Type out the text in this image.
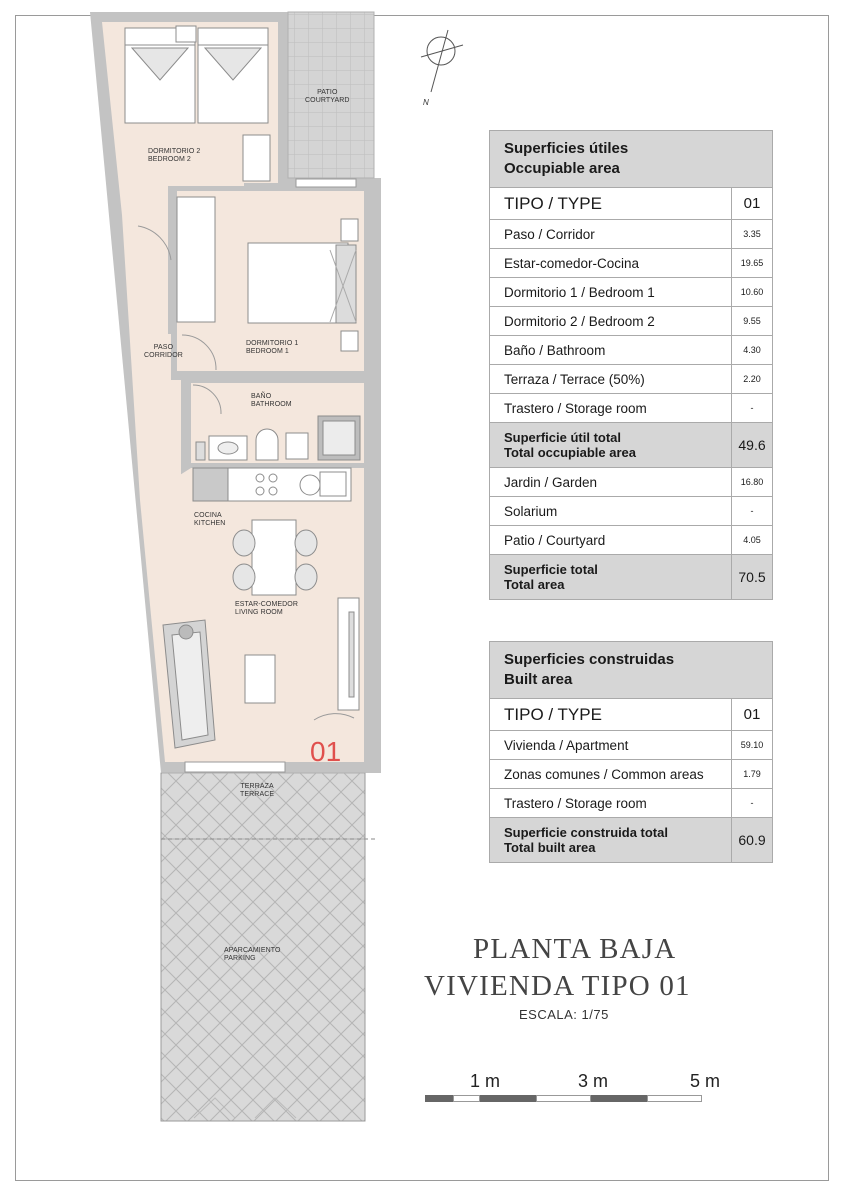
DORMITORIO 2
BEDROOM 2
PATIO
COURTYARD
PASO
CORRIDOR
DORMITORIO 1
BEDROOM 1
BAÑO
BATHROOM
COCINA
KITCHEN
ESTAR-COMEDOR
LIVING ROOM
TERRAZA
TERRACE
APARCAMIENTO
PARKING
01
N
Superficies útiles
Occupiable area	

TIPO / TYPE	01
Paso / Corridor	3.35
Estar-comedor-Cocina	19.65
Dormitorio 1 / Bedroom 1	10.60
Dormitorio 2 / Bedroom 2	9.55
Baño / Bathroom	4.30
Terraza / Terrace (50%)	2.20
Trastero / Storage room	-

Superficie útil total
Total occupiable area	49.6
Jardin / Garden	16.80
Solarium	-
Patio / Courtyard	4.05

Superficie total
Total area	70.5
Superficies construidas
Built area	

TIPO / TYPE	01
Vivienda / Apartment	59.10
Zonas comunes / Common areas	1.79
Trastero / Storage room	-

Superficie construida total
Total built area	60.9
PLANTA BAJA
VIVIENDA TIPO 01
ESCALA: 1/75
1 m	3 m	5 m
